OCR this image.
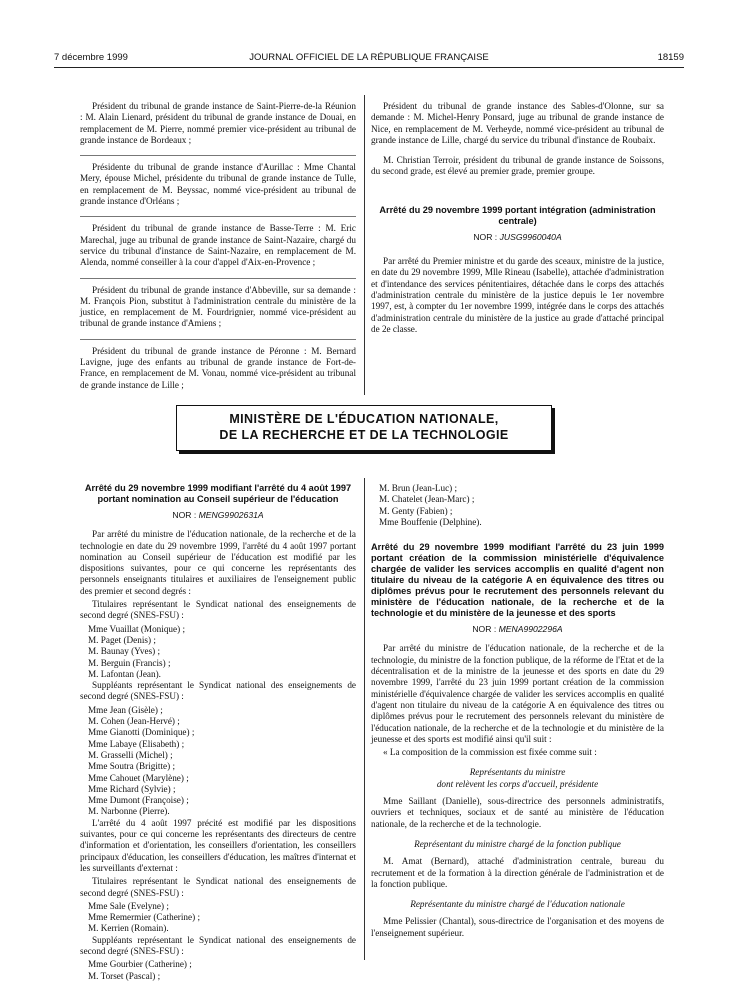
7 décembre 1999	JOURNAL OFFICIEL DE LA RÉPUBLIQUE FRANÇAISE	18159

Président du tribunal de grande instance de Saint-Pierre-de-la Réunion : M. Alain Lienard, président du tribunal de grande instance de Douai, en remplacement de M. Pierre, nommé premier vice-président au tribunal de grande instance de Bordeaux ;

Présidente du tribunal de grande instance d'Aurillac : Mme Chantal Mery, épouse Michel, présidente du tribunal de grande instance de Tulle, en remplacement de M. Beyssac, nommé vice-président au tribunal de grande instance d'Orléans ;

Président du tribunal de grande instance de Basse-Terre : M. Eric Marechal, juge au tribunal de grande instance de Saint-Nazaire, chargé du service du tribunal d'instance de Saint-Nazaire, en remplacement de M. Alenda, nommé conseiller à la cour d'appel d'Aix-en-Provence ;

Président du tribunal de grande instance d'Abbeville, sur sa demande : M. François Pion, substitut à l'administration centrale du ministère de la justice, en remplacement de M. Fourdrignier, nommé vice-président au tribunal de grande instance d'Amiens ;

Président du tribunal de grande instance de Péronne : M. Bernard Lavigne, juge des enfants au tribunal de grande instance de Fort-de-France, en remplacement de M. Vonau, nommé vice-président au tribunal de grande instance de Lille ;

Président du tribunal de grande instance des Sables-d'Olonne, sur sa demande : M. Michel-Henry Ponsard, juge au tribunal de grande instance de Nice, en remplacement de M. Verheyde, nommé vice-président au tribunal de grande instance de Lille, chargé du service du tribunal d'instance de Roubaix.

M. Christian Terroir, président du tribunal de grande instance de Soissons, du second grade, est élevé au premier grade, premier groupe.

Arrêté du 29 novembre 1999 portant intégration (administration centrale)

NOR : JUSG9960040A

Par arrêté du Premier ministre et du garde des sceaux, ministre de la justice, en date du 29 novembre 1999, Mlle Rineau (Isabelle), attachée d'administration et d'intendance des services pénitentiaires, détachée dans le corps des attachés d'administration centrale du ministère de la justice depuis le 1er novembre 1997, est, à compter du 1er novembre 1999, intégrée dans le corps des attachés d'administration centrale du ministère de la justice au grade d'attaché principal de 2e classe.

MINISTÈRE DE L'ÉDUCATION NATIONALE,
DE LA RECHERCHE ET DE LA TECHNOLOGIE

Arrêté du 29 novembre 1999 modifiant l'arrêté du 4 août 1997 portant nomination au Conseil supérieur de l'éducation

NOR : MENG9902631A

Par arrêté du ministre de l'éducation nationale, de la recherche et de la technologie en date du 29 novembre 1999, l'arrêté du 4 août 1997 portant nomination au Conseil supérieur de l'éducation est modifié par les dispositions suivantes, pour ce qui concerne les représentants des personnels enseignants titulaires et auxiliaires de l'enseignement public des premier et second degrés :

Titulaires représentant le Syndicat national des enseignements de second degré (SNES-FSU) :

Mme Vuaillat (Monique) ;
M. Paget (Denis) ;
M. Baunay (Yves) ;
M. Berguin (Francis) ;
M. Lafontan (Jean).

Suppléants représentant le Syndicat national des enseignements de second degré (SNES-FSU) :

Mme Jean (Gisèle) ;
M. Cohen (Jean-Hervé) ;
Mme Gianotti (Dominique) ;
Mme Labaye (Elisabeth) ;
M. Grasselli (Michel) ;
Mme Soutra (Brigitte) ;
Mme Cahouet (Marylène) ;
Mme Richard (Sylvie) ;
Mme Dumont (Françoise) ;
M. Narbonne (Pierre).

L'arrêté du 4 août 1997 précité est modifié par les dispositions suivantes, pour ce qui concerne les représentants des directeurs de centre d'information et d'orientation, les conseillers d'orientation, les conseillers principaux d'éducation, les conseillers d'éducation, les maîtres d'internat et les surveillants d'externat :

Titulaires représentant le Syndicat national des enseignements de second degré (SNES-FSU) :

Mme Sale (Evelyne) ;
Mme Remermier (Catherine) ;
M. Kerrien (Romain).

Suppléants représentant le Syndicat national des enseignements de second degré (SNES-FSU) :

Mme Gourbier (Catherine) ;
M. Torset (Pascal) ;
M. Brun (Jean-Luc) ;
M. Chatelet (Jean-Marc) ;
M. Genty (Fabien) ;
Mme Bouffenie (Delphine).

Arrêté du 29 novembre 1999 modifiant l'arrêté du 23 juin 1999 portant création de la commission ministérielle d'équivalence chargée de valider les services accomplis en qualité d'agent non titulaire du niveau de la catégorie A en équivalence des titres ou diplômes prévus pour le recrutement des personnels relevant du ministère de l'éducation nationale, de la recherche et de la technologie et du ministère de la jeunesse et des sports

NOR : MENA9902296A

Par arrêté du ministre de l'éducation nationale, de la recherche et de la technologie, du ministre de la fonction publique, de la réforme de l'Etat et de la décentralisation et de la ministre de la jeunesse et des sports en date du 29 novembre 1999, l'arrêté du 23 juin 1999 portant création de la commission ministérielle d'équivalence chargée de valider les services accomplis en qualité d'agent non titulaire du niveau de la catégorie A en équivalence des titres ou diplômes prévus pour le recrutement des personnels relevant du ministère de l'éducation nationale, de la recherche et de la technologie et du ministère de la jeunesse et des sports est modifié ainsi qu'il suit :

« La composition de la commission est fixée comme suit :

Représentants du ministre
dont relèvent les corps d'accueil, présidente

Mme Saillant (Danielle), sous-directrice des personnels administratifs, ouvriers et techniques, sociaux et de santé au ministère de l'éducation nationale, de la recherche et de la technologie.

Représentant du ministre chargé de la fonction publique

M. Amat (Bernard), attaché d'administration centrale, bureau du recrutement et de la formation à la direction générale de l'administration et de la fonction publique.

Représentante du ministre chargé de l'éducation nationale

Mme Pelissier (Chantal), sous-directrice de l'organisation et des moyens de l'enseignement supérieur.
